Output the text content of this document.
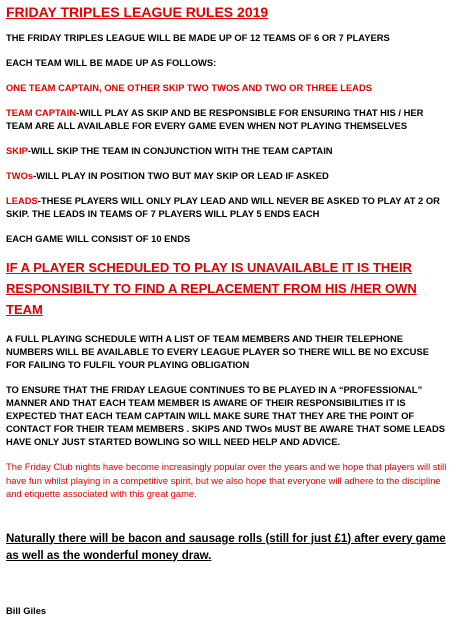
FRIDAY TRIPLES LEAGUE RULES 2019
THE FRIDAY TRIPLES LEAGUE WILL BE MADE UP OF 12 TEAMS OF 6 OR 7 PLAYERS
EACH TEAM WILL BE MADE UP AS FOLLOWS:
ONE TEAM CAPTAIN, ONE OTHER SKIP TWO TWOS AND TWO OR THREE LEADS
TEAM CAPTAIN-WILL PLAY AS SKIP AND BE RESPONSIBLE FOR ENSURING THAT HIS / HER TEAM ARE ALL AVAILABLE FOR EVERY GAME EVEN WHEN NOT PLAYING THEMSELVES
SKIP-WILL SKIP THE TEAM IN CONJUNCTION WITH THE TEAM CAPTAIN
TWOs-WILL PLAY IN POSITION TWO BUT MAY SKIP OR LEAD IF ASKED
LEADS-THESE PLAYERS WILL ONLY PLAY LEAD AND WILL NEVER BE ASKED TO PLAY AT 2 OR SKIP. THE LEADS IN TEAMS OF 7 PLAYERS WILL PLAY 5 ENDS EACH
EACH GAME WILL CONSIST OF 10 ENDS
IF A PLAYER SCHEDULED TO PLAY IS UNAVAILABLE IT IS THEIR RESPONSIBILTY TO FIND A REPLACEMENT FROM HIS /HER OWN TEAM
A FULL PLAYING SCHEDULE WITH A LIST OF TEAM MEMBERS AND THEIR TELEPHONE NUMBERS WILL BE AVAILABLE TO EVERY LEAGUE PLAYER SO THERE WILL BE NO EXCUSE FOR FAILING TO FULFIL YOUR PLAYING OBLIGATION
TO ENSURE THAT THE FRIDAY LEAGUE CONTINUES TO BE PLAYED IN A “PROFESSIONAL” MANNER AND THAT EACH TEAM MEMBER IS AWARE OF THEIR RESPONSIBILITIES IT IS EXPECTED THAT EACH TEAM CAPTAIN WILL MAKE SURE THAT THEY ARE THE POINT OF CONTACT FOR THEIR TEAM MEMBERS . SKIPS AND TWOs MUST BE AWARE THAT SOME LEADS HAVE ONLY JUST STARTED BOWLING SO WILL NEED HELP AND ADVICE.
The Friday Club nights have become increasingly popular over the years and we hope that players will still have fun whilst playing in a competitive spirit, but we also hope that everyone will adhere to the discipline and etiquette associated with this great game.
Naturally there will be bacon and sausage rolls (still for just £1) after every game as well as the wonderful money draw.
Bill Giles
